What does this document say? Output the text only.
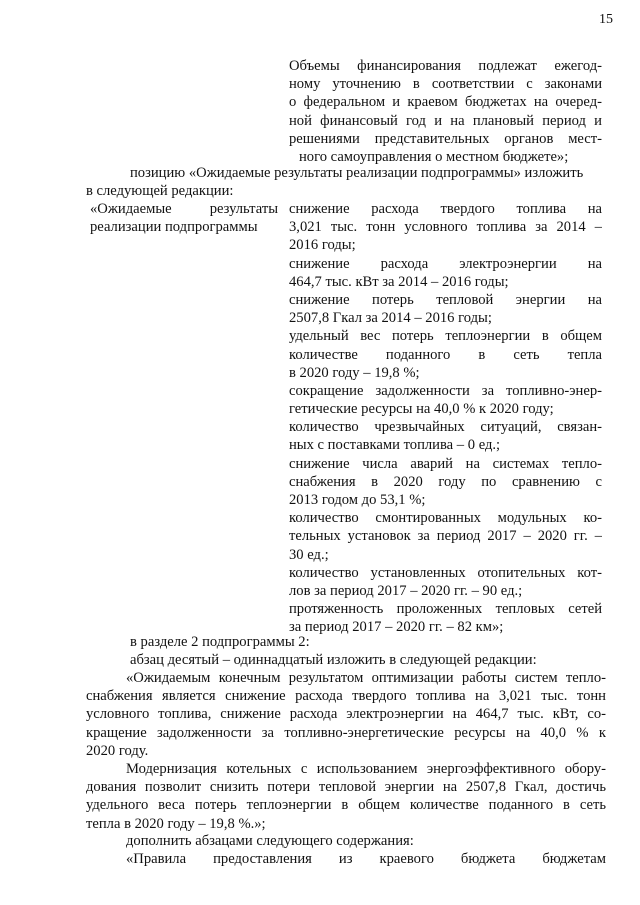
15
Объемы финансирования подлежат ежегод-
ному уточнению в соответствии с законами
о федеральном и краевом бюджетах на очеред-
ной финансовый год и на плановый период и
решениями представительных органов мест-
ного самоуправления о местном бюджете»;
позицию «Ожидаемые результаты реализации подпрограммы» изложить
в следующей редакции:
«Ожидаемые результаты
реализации подпрограммы
снижение расхода твердого топлива на
3,021 тыс. тонн условного топлива за 2014 –
2016 годы;
снижение расхода электроэнергии на
464,7 тыс. кВт за 2014 – 2016 годы;
снижение потерь тепловой энергии на
2507,8 Гкал за 2014 – 2016 годы;
удельный вес потерь теплоэнергии в общем
количестве поданного в сеть тепла
в 2020 году – 19,8 %;
сокращение задолженности за топливно-энер-
гетические ресурсы на 40,0 % к 2020 году;
количество чрезвычайных ситуаций, связан-
ных с поставками топлива – 0 ед.;
снижение числа аварий на системах тепло-
снабжения в 2020 году по сравнению с
2013 годом до 53,1 %;
количество смонтированных модульных ко-
тельных установок за период 2017 – 2020 гг. –
30 ед.;
количество установленных отопительных кот-
лов за период 2017 – 2020 гг. – 90 ед.;
протяженность проложенных тепловых сетей
за период 2017 – 2020 гг. – 82 км»;
в разделе 2 подпрограммы 2:
абзац десятый – одиннадцатый изложить в следующей редакции:
«Ожидаемым конечным результатом оптимизации работы систем тепло-
снабжения является снижение расхода твердого топлива на 3,021 тыс. тонн
условного топлива, снижение расхода электроэнергии на 464,7 тыс. кВт, со-
кращение задолженности за топливно-энергетические ресурсы на 40,0 % к
2020 году.
Модернизация котельных с использованием энергоэффективного обору-
дования позволит снизить потери тепловой энергии на 2507,8 Гкал, достичь
удельного веса потерь теплоэнергии в общем количестве поданного в сеть
тепла в 2020 году – 19,8 %.»;
дополнить абзацами следующего содержания:
«Правила предоставления из краевого бюджета бюджетам
